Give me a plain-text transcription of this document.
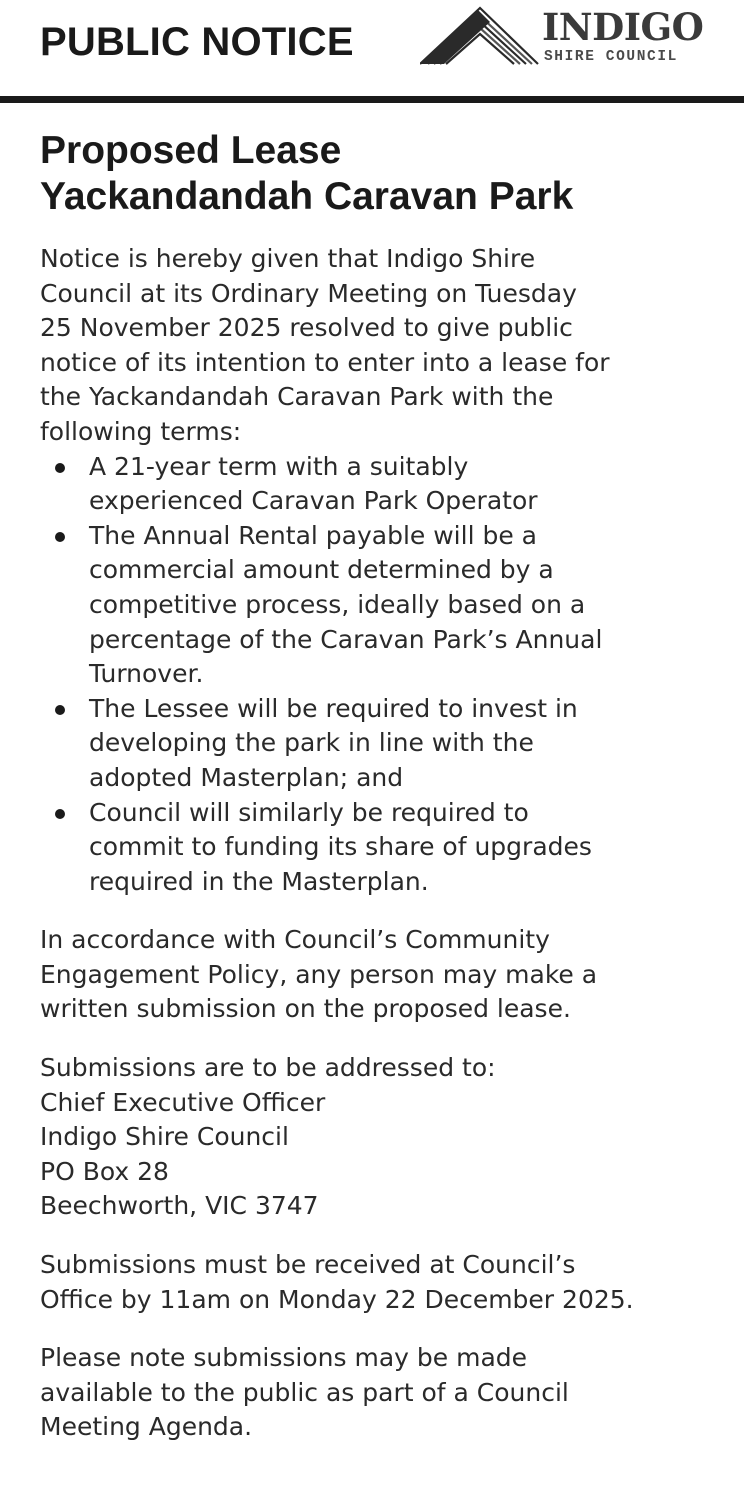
PUBLIC NOTICE	INDIGO
SHIRE COUNCIL
Proposed Lease
Yackandandah Caravan Park

Notice is hereby given that Indigo Shire
Council at its Ordinary Meeting on Tuesday
25 November 2025 resolved to give public
notice of its intention to enter into a lease for
the Yackandandah Caravan Park with the
following terms:

A 21-year term with a suitably
experienced Caravan Park Operator
The Annual Rental payable will be a
commercial amount determined by a
competitive process, ideally based on a
percentage of the Caravan Park’s Annual
Turnover.
The Lessee will be required to invest in
developing the park in line with the
adopted Masterplan; and
Council will similarly be required to
commit to funding its share of upgrades
required in the Masterplan.

In accordance with Council’s Community
Engagement Policy, any person may make a
written submission on the proposed lease.

Submissions are to be addressed to:
Chief Executive Officer
Indigo Shire Council
PO Box 28
Beechworth, VIC 3747

Submissions must be received at Council’s
Office by 11am on Monday 22 December 2025.

Please note submissions may be made
available to the public as part of a Council
Meeting Agenda.
